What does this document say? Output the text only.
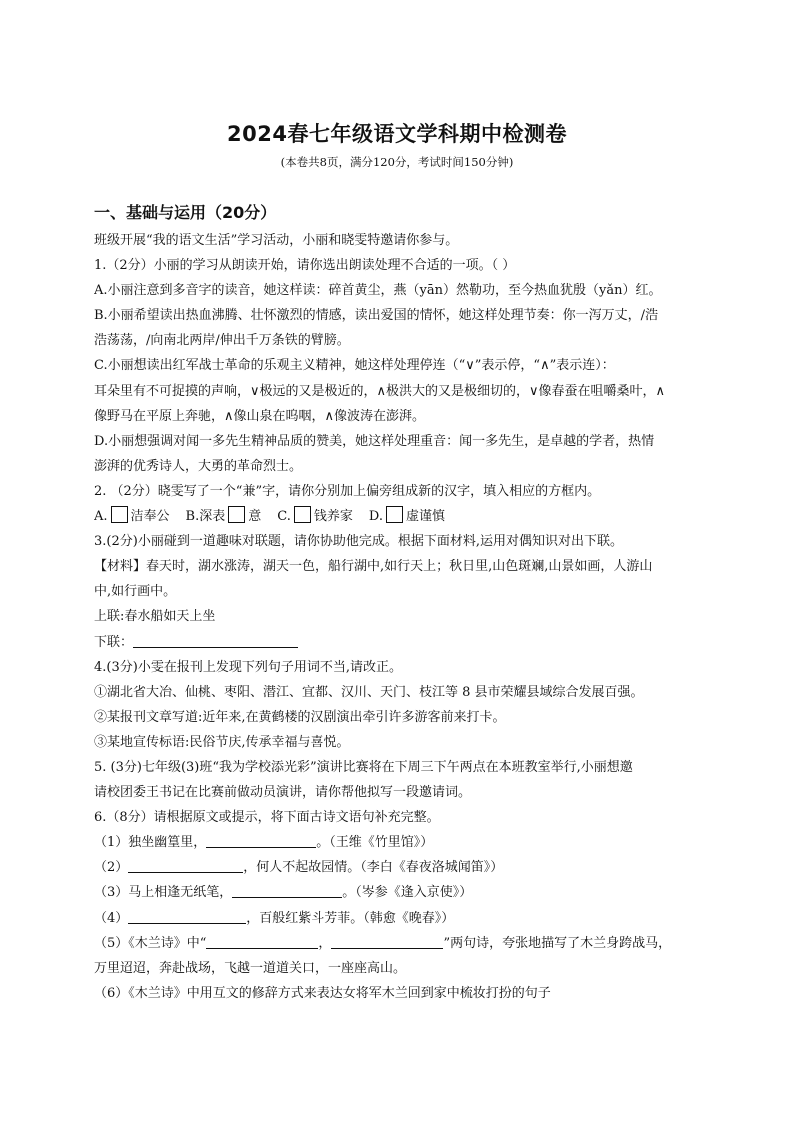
2024春七年级语文学科期中检测卷
(本卷共8页，满分120分，考试时间150分钟)
一、基础与运用（20分）
班级开展“我的语文生活”学习活动，小丽和晓雯特邀请你参与。
1.（2分）小丽的学习从朗读开始，请你选出朗读处理不合适的一项。（ ）
A.小丽注意到多音字的读音，她这样读：碎首黄尘，燕（yān）然勒功，至今热血犹殷（yǎn）红。
B.小丽希望读出热血沸腾、壮怀激烈的情感，读出爱国的情怀，她这样处理节奏：你一泻万丈，/浩
浩荡荡，/向南北两岸/伸出千万条铁的臂膀。
C.小丽想读出红军战士革命的乐观主义精神，她这样处理停连（“∨”表示停，“∧”表示连）：
耳朵里有不可捉摸的声响，∨极远的又是极近的，∧极洪大的又是极细切的，∨像春蚕在咀嚼桑叶，∧
像野马在平原上奔驰，∧像山泉在呜咽，∧像波涛在澎湃。
D.小丽想强调对闻一多先生精神品质的赞美，她这样处理重音：闻一多先生，是卓越的学者，热情
澎湃的优秀诗人，大勇的革命烈士。
2. （2分）晓雯写了一个“兼”字，请你分别加上偏旁组成新的汉字，填入相应的方框内。
A. 洁奉公 B.深表 意 C. 钱养家 D. 虚谨慎
3.(2分)小丽碰到一道趣味对联题，请你协助他完成。根据下面材料,运用对偶知识对出下联。
【材料】春天时，湖水涨涛，湖天一色，船行湖中,如行天上；秋日里,山色斑斓,山景如画，人游山
中,如行画中。
上联:春水船如天上坐
下联：
4.(3分)小雯在报刊上发现下列句子用词不当,请改正。
①湖北省大冶、仙桃、枣阳、潜江、宜都、汉川、天门、枝江等 8 县市荣耀县域综合发展百强。
②某报刊文章写道:近年来,在黄鹤楼的汉剧演出牵引许多游客前来打卡。
③某地宣传标语:民俗节庆,传承幸福与喜悦。
5. (3分)七年级(3)班“我为学校添光彩”演讲比赛将在下周三下午两点在本班教室举行,小丽想邀
请校团委王书记在比赛前做动员演讲，请你帮他拟写一段邀请词。
6.（8分）请根据原文或提示，将下面古诗文语句补充完整。
（1）独坐幽篁里，	。（王维《竹里馆》）
（2）	，何人不起故园情。（李白《春夜洛城闻笛》）
（3）马上相逢无纸笔，	。（岑参《逢入京使》）
（4）	，百般红紫斗芳菲。（韩愈《晚春》）
（5）《木兰诗》中“	，	”两句诗，夸张地描写了木兰身跨战马，
万里迢迢，奔赴战场，飞越一道道关口，一座座高山。
（6）《木兰诗》中用互文的修辞方式来表达女将军木兰回到家中梳妆打扮的句子
